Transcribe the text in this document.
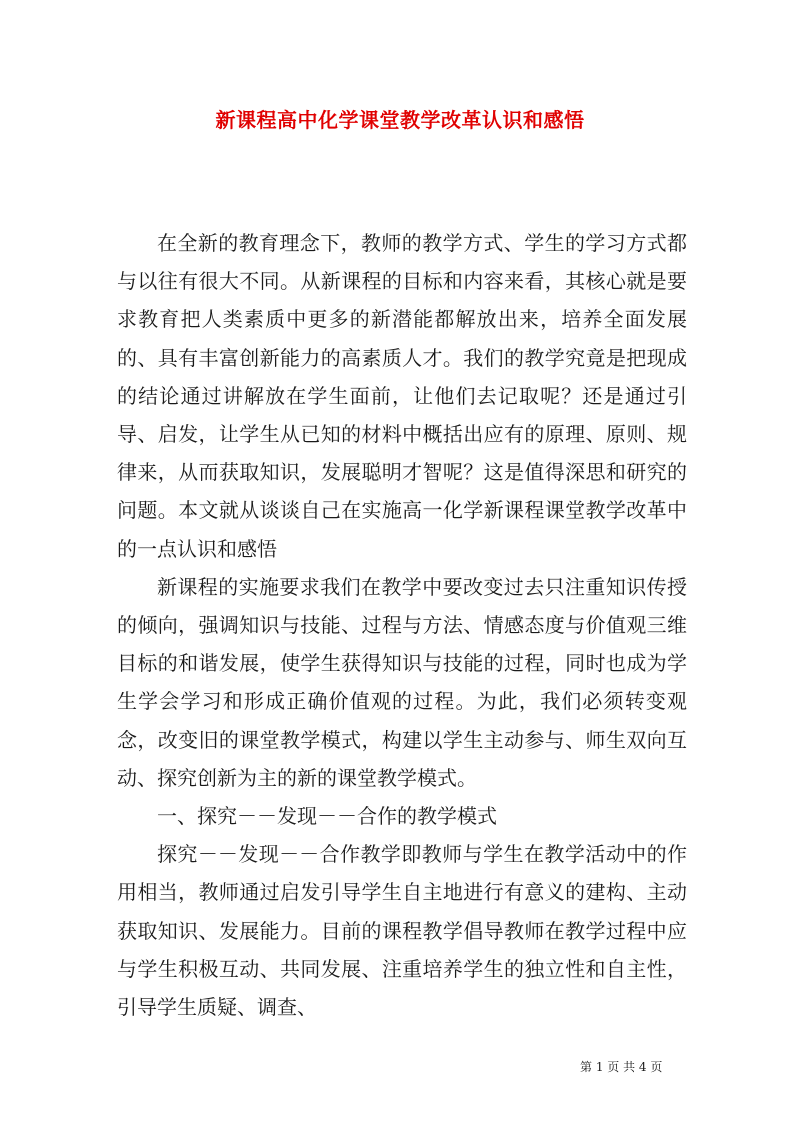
新课程高中化学课堂教学改革认识和感悟

在全新的教育理念下，教师的教学方式、学生的学习方式都与以往有很大不同。从新课程的目标和内容来看，其核心就是要求教育把人类素质中更多的新潜能都解放出来，培养全面发展的、具有丰富创新能力的高素质人才。我们的教学究竟是把现成的结论通过讲解放在学生面前，让他们去记取呢？还是通过引导、启发，让学生从已知的材料中概括出应有的原理、原则、规律来，从而获取知识，发展聪明才智呢？这是值得深思和研究的问题。本文就从谈谈自己在实施高一化学新课程课堂教学改革中的一点认识和感悟

新课程的实施要求我们在教学中要改变过去只注重知识传授的倾向，强调知识与技能、过程与方法、情感态度与价值观三维目标的和谐发展，使学生获得知识与技能的过程，同时也成为学生学会学习和形成正确价值观的过程。为此，我们必须转变观念，改变旧的课堂教学模式，构建以学生主动参与、师生双向互动、探究创新为主的新的课堂教学模式。

一、探究－－发现－－合作的教学模式

探究－－发现－－合作教学即教师与学生在教学活动中的作用相当，教师通过启发引导学生自主地进行有意义的建构、主动获取知识、发展能力。目前的课程教学倡导教师在教学过程中应与学生积极互动、共同发展、注重培养学生的独立性和自主性，引导学生质疑、调查、

第 1 页 共 4 页
